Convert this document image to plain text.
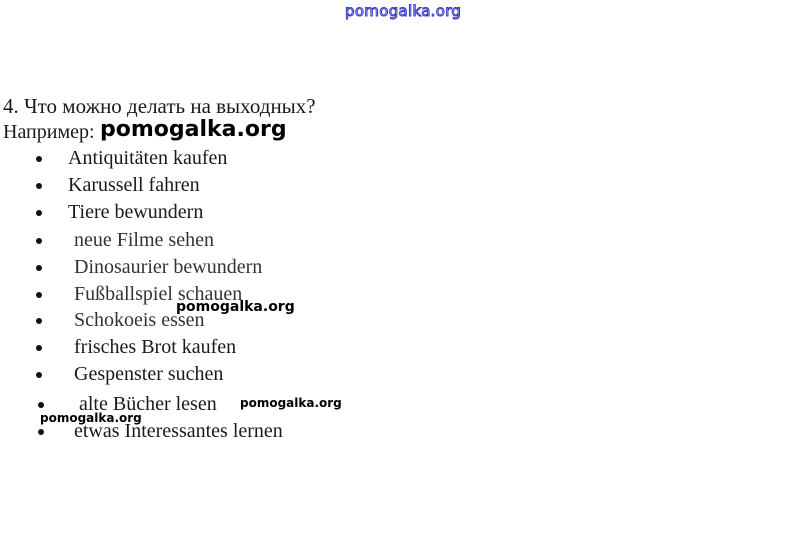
pomogalka.org
4. Что можно делать на выходных?
Например:
Antiquitäten kaufen
Karussell fahren
Tiere bewundern
neue Filme sehen
Dinosaurier bewundern
Fußballspiel schauen
Schokoeis essen
frisches Brot kaufen
Gespenster suchen
alte Bücher lesen
etwas Interessantes lernen
pomogalka.org
pomogalka.org
pomogalka.org
pomogalka.org
